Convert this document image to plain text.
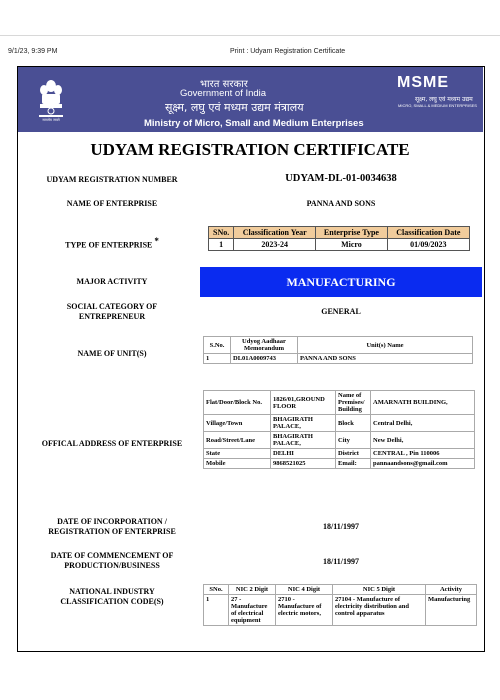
9/1/23, 9:39 PM	Print : Udyam Registration Certificate
सत्यमेव जयते
भारत सरकार
Government of India
सूक्ष्म, लघु एवं मध्यम उद्यम मंत्रालय
Ministry of Micro, Small and Medium Enterprises
MSME
सूक्ष्म, लघु एवं मध्यम उद्यम
MICRO, SMALL & MEDIUM ENTERPRISES
UDYAM REGISTRATION CERTIFICATE
UDYAM REGISTRATION NUMBER	UDYAM-DL-01-0034638
NAME OF ENTERPRISE	PANNA AND SONS
TYPE OF ENTERPRISE *
SNo.	Classification Year	Enterprise Type	Classification Date
1	2023-24	Micro	01/09/2023
MAJOR ACTIVITY	MANUFACTURING
SOCIAL CATEGORY OF
ENTREPRENEUR
GENERAL
NAME OF UNIT(S)
S.No.	Udyog Aadhaar Memorandum	Unit(s) Name
1	DL01A0009743	PANNA AND SONS
OFFICAL ADDRESS OF ENTERPRISE
Flat/Door/Block No.	1826/01,GROUND FLOOR	Name of Premises/ Building	AMARNATH BUILDING,
Village/Town	BHAGIRATH PALACE,	Block	Central Delhi,
Road/Street/Lane	BHAGIRATH PALACE,	City	New Delhi,
State	DELHI	District	CENTRAL , Pin 110006
Mobile	9868521025	Email:	pannaandsons@gmail.com
DATE OF INCORPORATION /
REGISTRATION OF ENTERPRISE
18/11/1997
DATE OF COMMENCEMENT OF
PRODUCTION/BUSINESS	18/11/1997
NATIONAL INDUSTRY
CLASSIFICATION CODE(S)
SNo.	NIC 2 Digit	NIC 4 Digit	NIC 5 Digit	Activity
1	27 - Manufacture of electrical equipment	2710 - Manufacture of electric motors,	27104 - Manufacture of electricity distribution and control apparatus	Manufacturing
